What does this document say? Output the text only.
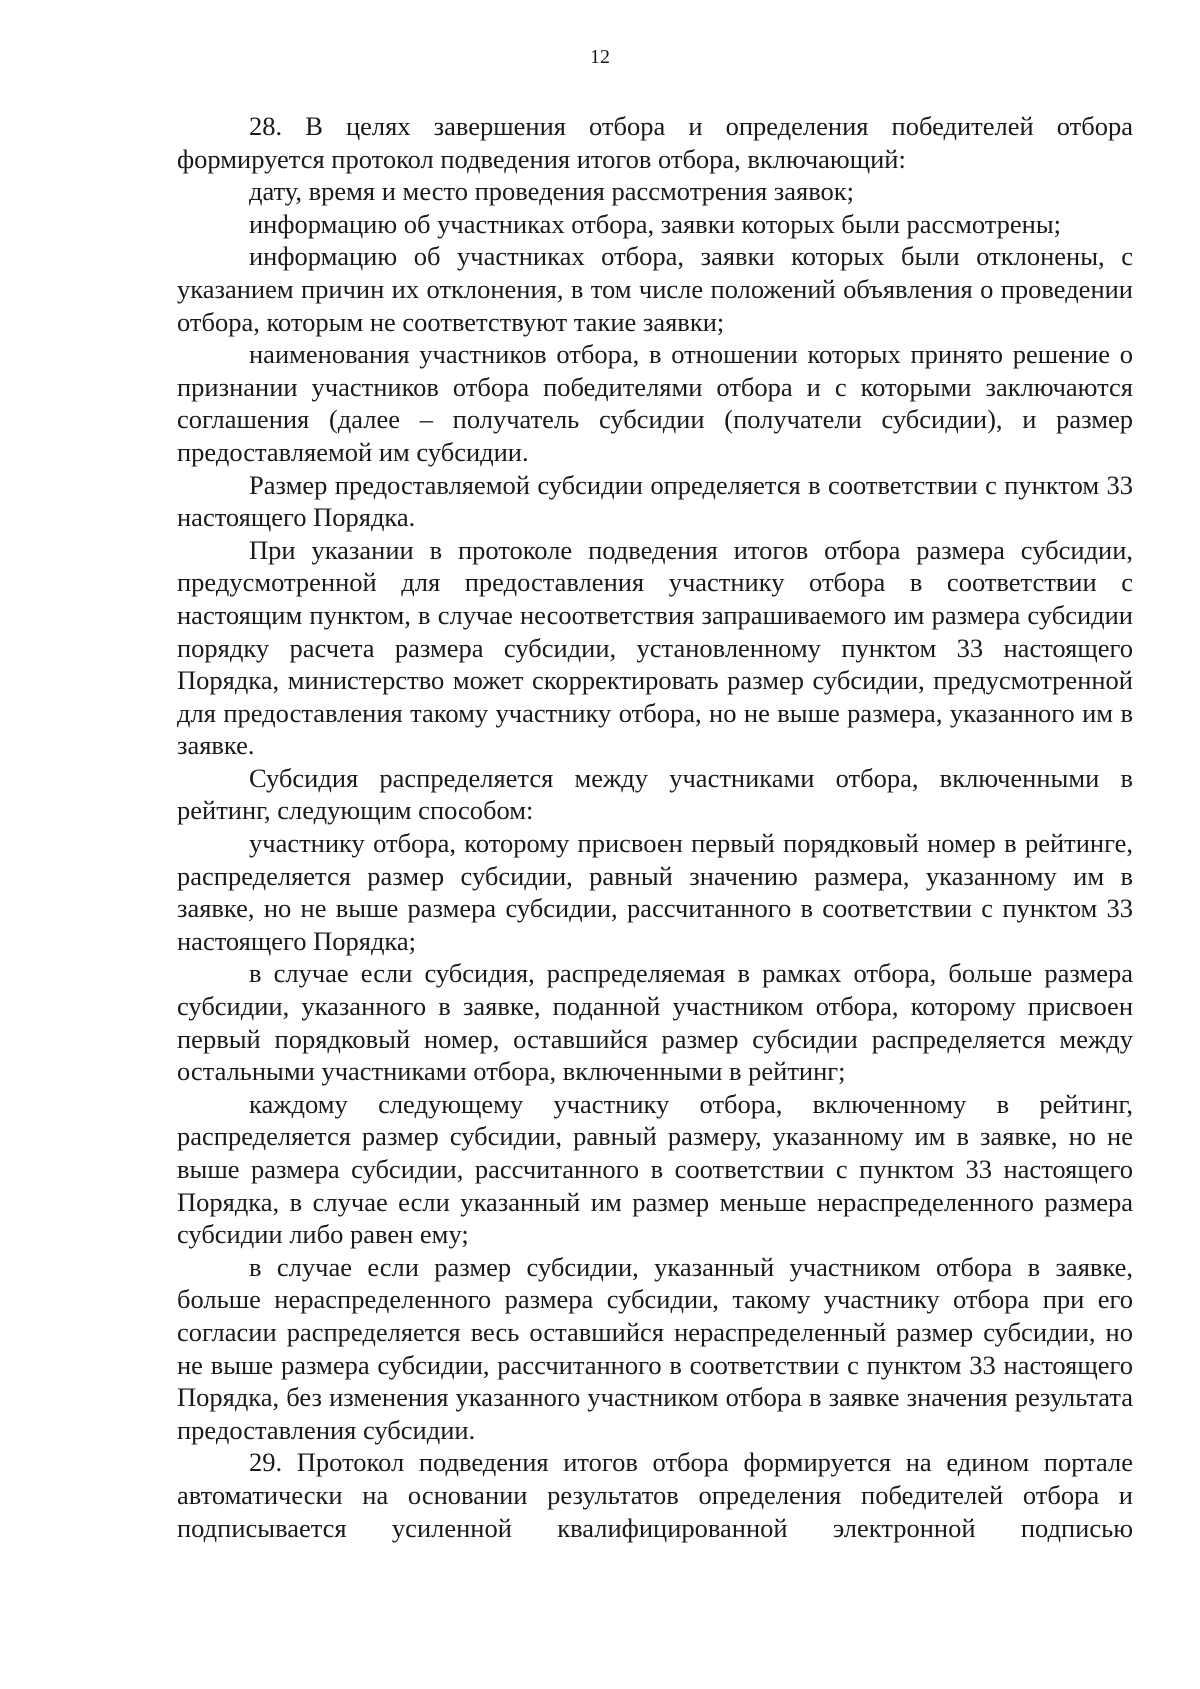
12

28. В целях завершения отбора и определения победителей отбора формируется протокол подведения итогов отбора, включающий:

дату, время и место проведения рассмотрения заявок;

информацию об участниках отбора, заявки которых были рассмотрены;

информацию об участниках отбора, заявки которых были отклонены, с указанием причин их отклонения, в том числе положений объявления о проведении отбора, которым не соответствуют такие заявки;

наименования участников отбора, в отношении которых принято решение о признании участников отбора победителями отбора и с которыми заключаются соглашения (далее – получатель субсидии (получатели субсидии), и размер предоставляемой им субсидии.

Размер предоставляемой субсидии определяется в соответствии с пунктом 33 настоящего Порядка.

При указании в протоколе подведения итогов отбора размера субсидии, предусмотренной для предоставления участнику отбора в соответствии с настоящим пунктом, в случае несоответствия запрашиваемого им размера субсидии порядку расчета размера субсидии, установленному пунктом 33 настоящего Порядка, министерство может скорректировать размер субсидии, предусмотренной для предоставления такому участнику отбора, но не выше размера, указанного им в заявке.

Субсидия распределяется между участниками отбора, включенными в рейтинг, следующим способом:

участнику отбора, которому присвоен первый порядковый номер в рейтинге, распределяется размер субсидии, равный значению размера, указанному им в заявке, но не выше размера субсидии, рассчитанного в соответствии с пунктом 33 настоящего Порядка;

в случае если субсидия, распределяемая в рамках отбора, больше размера субсидии, указанного в заявке, поданной участником отбора, которому присвоен первый порядковый номер, оставшийся размер субсидии распределяется между остальными участниками отбора, включенными в рейтинг;

каждому следующему участнику отбора, включенному в рейтинг, распределяется размер субсидии, равный размеру, указанному им в заявке, но не выше размера субсидии, рассчитанного в соответствии с пунктом 33 настоящего Порядка, в случае если указанный им размер меньше нераспределенного размера субсидии либо равен ему;

в случае если размер субсидии, указанный участником отбора в заявке, больше нераспределенного размера субсидии, такому участнику отбора при его согласии распределяется весь оставшийся нераспределенный размер субсидии, но не выше размера субсидии, рассчитанного в соответствии с пунктом 33 настоящего Порядка, без изменения указанного участником отбора в заявке значения результата предоставления субсидии.

29. Протокол подведения итогов отбора формируется на едином портале автоматически на основании результатов определения победителей отбора и подписывается усиленной квалифицированной электронной подписью
